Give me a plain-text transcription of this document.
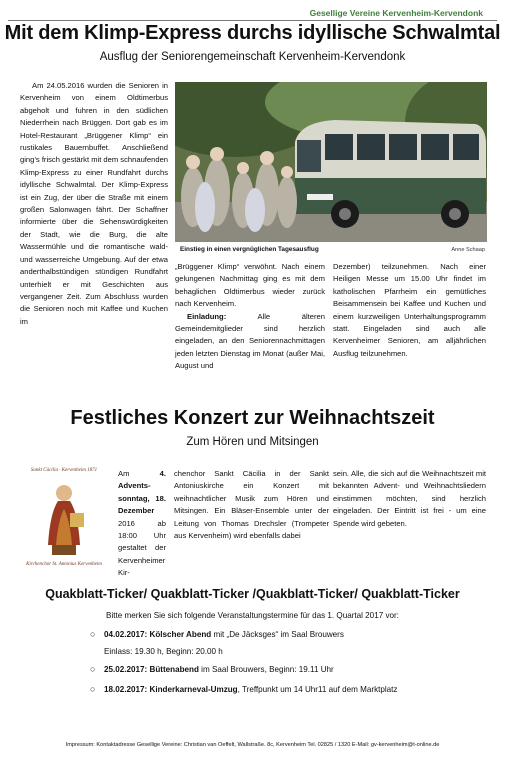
Gesellige Vereine Kervenheim-Kervendonk
Mit dem Klimp-Express durchs idyllische Schwalmtal
Ausflug der Seniorengemeinschaft Kervenheim-Kervendonk

Am 24.05.2016 wurden die Senioren in Kervenheim von einem Oldtimerbus abgeholt und fuhren in den südlichen Niederrhein nach Brüggen. Dort gab es im Hotel-Restaurant „Brüggener Klimp“ ein rustikales Bauernbuffet. Anschließend ging’s frisch gestärkt mit dem schnaufenden Klimp-Express zu einer Rundfahrt durchs idyllische Schwalmtal. Der Klimp-Express ist ein Zug, der über die Straße mit einem großen Salonwagen fährt. Der Schaffner informierte über die Sehenswürdigkeiten der Stadt, wie die Burg, die alte Wassermühle und die romantische wald- und wasserreiche Umgebung. Auf der etwa anderthalbstündigen stündigen Rundfahrt unterhielt er mit Geschichten aus vergangener Zeit. Zum Abschluss wurden die Senioren noch mit Kaffee und Kuchen im

Einstieg in einen vergnüglichen Tagesausflug	Anne Schaap

„Brüggener Klimp“ verwöhnt. Nach einem gelungenen Nachmittag ging es mit dem behaglichen Oldtimerbus wieder zurück nach Kervenheim.

Einladung:	Alle älteren Gemeindemitglieder sind herzlich eingeladen, an den Seniorennachmittagen jeden letzten Dienstag im Monat (außer Mai, August und

Dezember) teilzunehmen. Nach einer Heiligen Messe um 15.00 Uhr findet im katholischen Pfarrheim ein gemütliches Beisammensein bei Kaffee und Kuchen und einem kurzweiligen Unterhaltungsprogramm statt. Eingeladen sind auch alle Kervenheimer Senioren, am alljährlichen Ausflug teilzunehmen.

Festliches Konzert zur Weihnachtszeit
Zum Hören und Mitsingen
Sankt Cäcilia · Kervenheim 1871
Kirchenchor St. Antonius Kervenheim

Am	4. Adventssonntag, 18. Dezember 2016 ab 18:00 Uhr gestaltet der Kervenheimer Kir-

chenchor Sankt Cäcilia in der Sankt Antoniuskirche ein Konzert mit weihnachtlicher Musik zum Hören und Mitsingen. Ein Bläser-Ensemble unter der Leitung von Thomas Drechsler (Trompeter aus Kervenheim) wird ebenfalls dabei

sein. Alle, die sich auf die Weihnachtszeit mit bekannten Advent- und Weihnachtsliedern einstimmen möchten, sind herzlich eingeladen. Der Eintritt ist frei - um eine Spende wird gebeten.

Quakblatt-Ticker/ Quakblatt-Ticker /Quakblatt-Ticker/ Quakblatt-Ticker
Bitte merken Sie sich folgende Veranstaltungstermine für das 1. Quartal 2017 vor:
○ 04.02.2017: Kölscher Abend mit „De Jäcksges“ im Saal Brouwers
Einlass: 19.30 h, Beginn: 20.00 h
○ 25.02.2017: Büttenabend im Saal Brouwers, Beginn: 19.11 Uhr
○ 18.02.2017: Kinderkarneval-Umzug, Treffpunkt um 14 Uhr11 auf dem Marktplatz
Impressum: Kontaktadresse Gesellige Vereine: Christian van Oeffelt, Wallstraße. 8c, Kervenheim Tel. 02825 / 1320 E-Mail: gv-kervenheim@t-online.de
